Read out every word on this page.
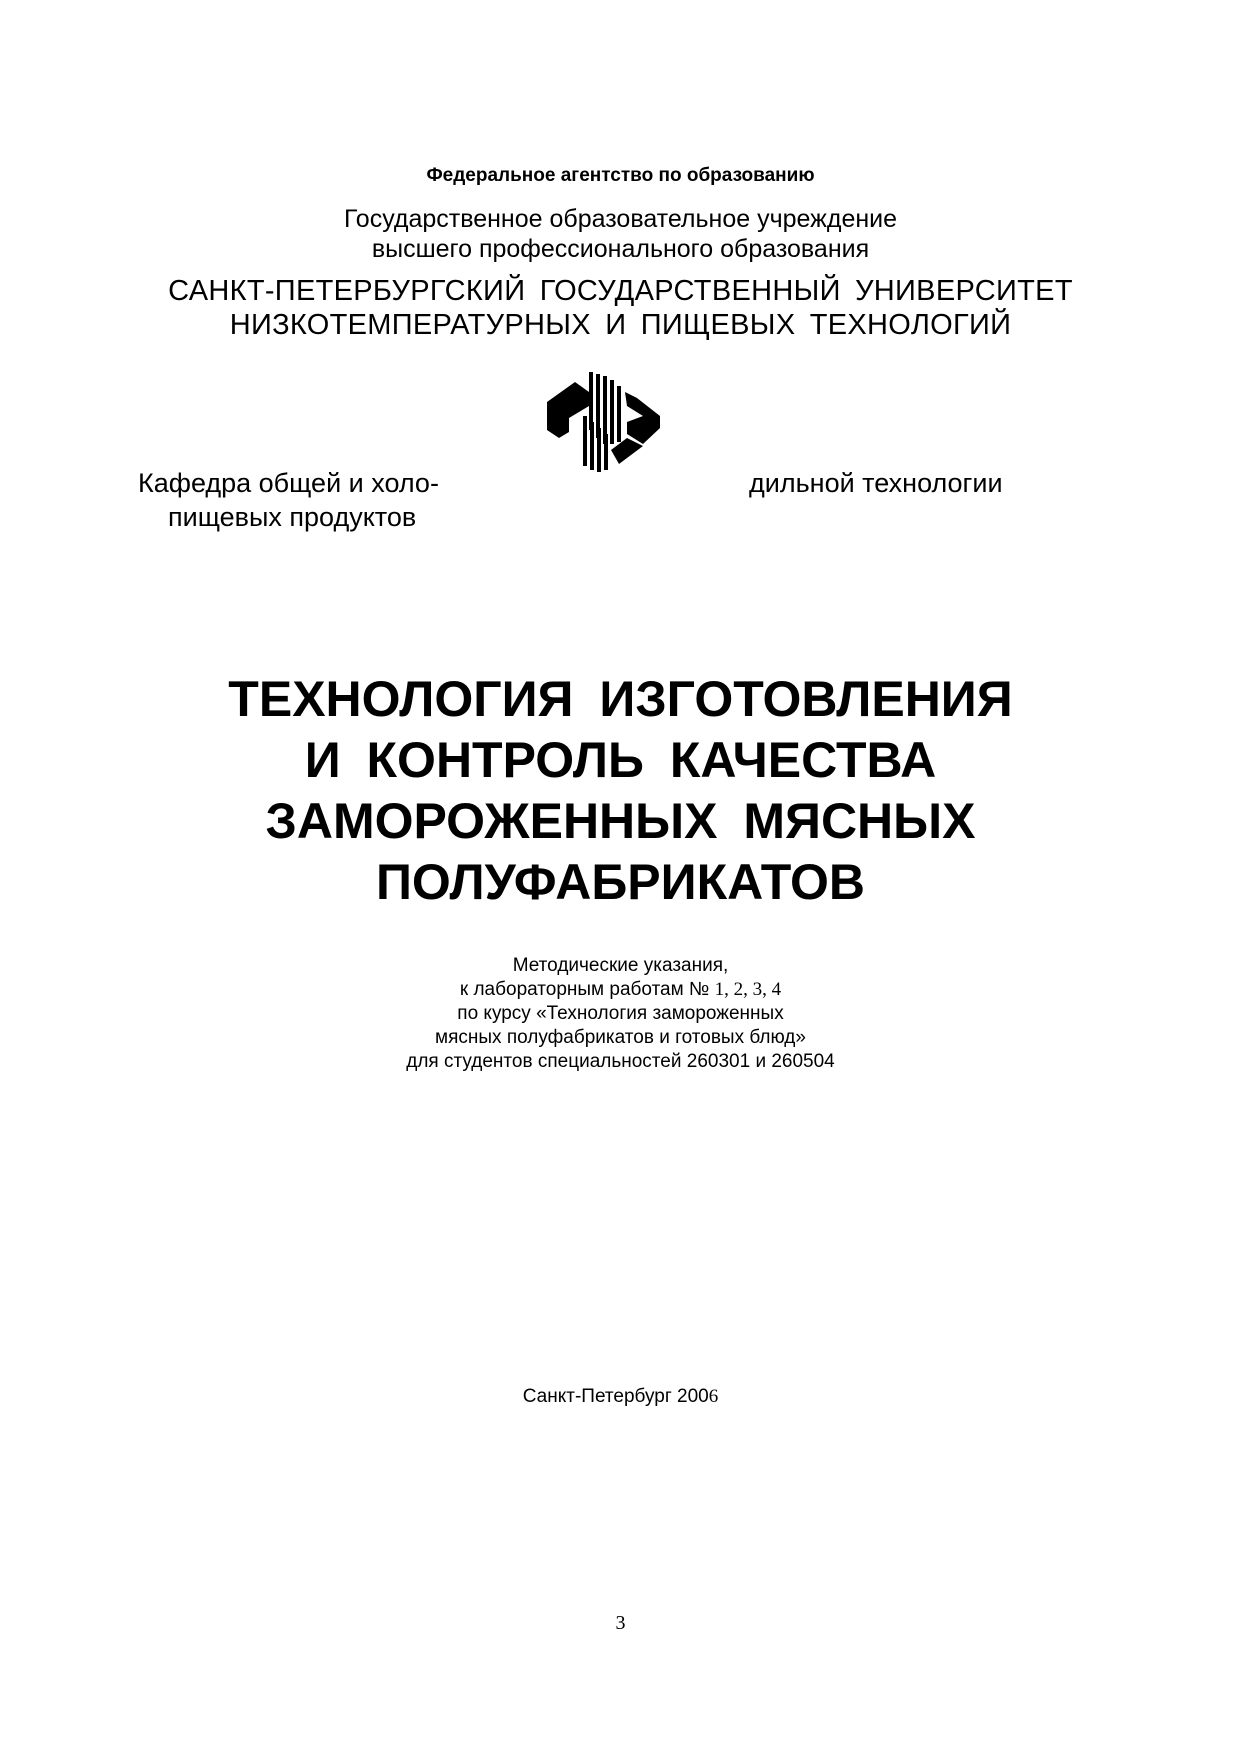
Федеральное агентство по образованию
Государственное образовательное учреждение
высшего профессионального образования
САНКТ-ПЕТЕРБУРГСКИЙ ГОСУДАРСТВЕННЫЙ УНИВЕРСИТЕТ
НИЗКОТЕМПЕРАТУРНЫХ И ПИЩЕВЫХ ТЕХНОЛОГИЙ
Кафедра общей и холо-
пищевых продуктов
дильной технологии
ТЕХНОЛОГИЯ ИЗГОТОВЛЕНИЯ
И КОНТРОЛЬ КАЧЕСТВА
ЗАМОРОЖЕННЫХ МЯСНЫХ
ПОЛУФАБРИКАТОВ
Методические указания,
к лабораторным работам № 1, 2, 3, 4
по курсу «Технология замороженных
мясных полуфабрикатов и готовых блюд»
для студентов специальностей 260301 и 260504
Санкт-Петербург 2006
3
